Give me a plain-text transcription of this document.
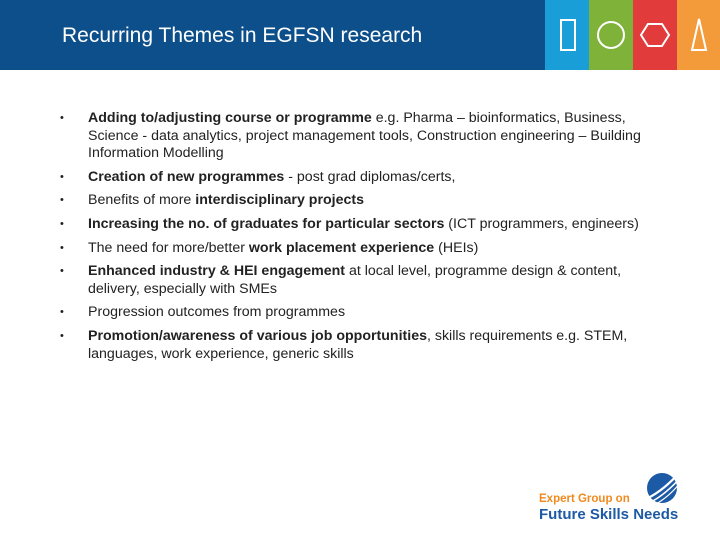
Recurring Themes in EGFSN research
• Adding to/adjusting course or programme e.g. Pharma – bioinformatics, Business, Science - data analytics, project management tools, Construction engineering – Building Information Modelling
• Creation of new programmes - post grad diplomas/certs,
• Benefits of more interdisciplinary projects
• Increasing the no. of graduates for particular sectors (ICT programmers, engineers)
• The need for more/better work placement experience (HEIs)
• Enhanced industry & HEI engagement at local level, programme design & content, delivery, especially with SMEs
• Progression outcomes from programmes
• Promotion/awareness of various job opportunities, skills requirements e.g. STEM, languages, work experience, generic skills
Expert Group on
Future Skills Needs
